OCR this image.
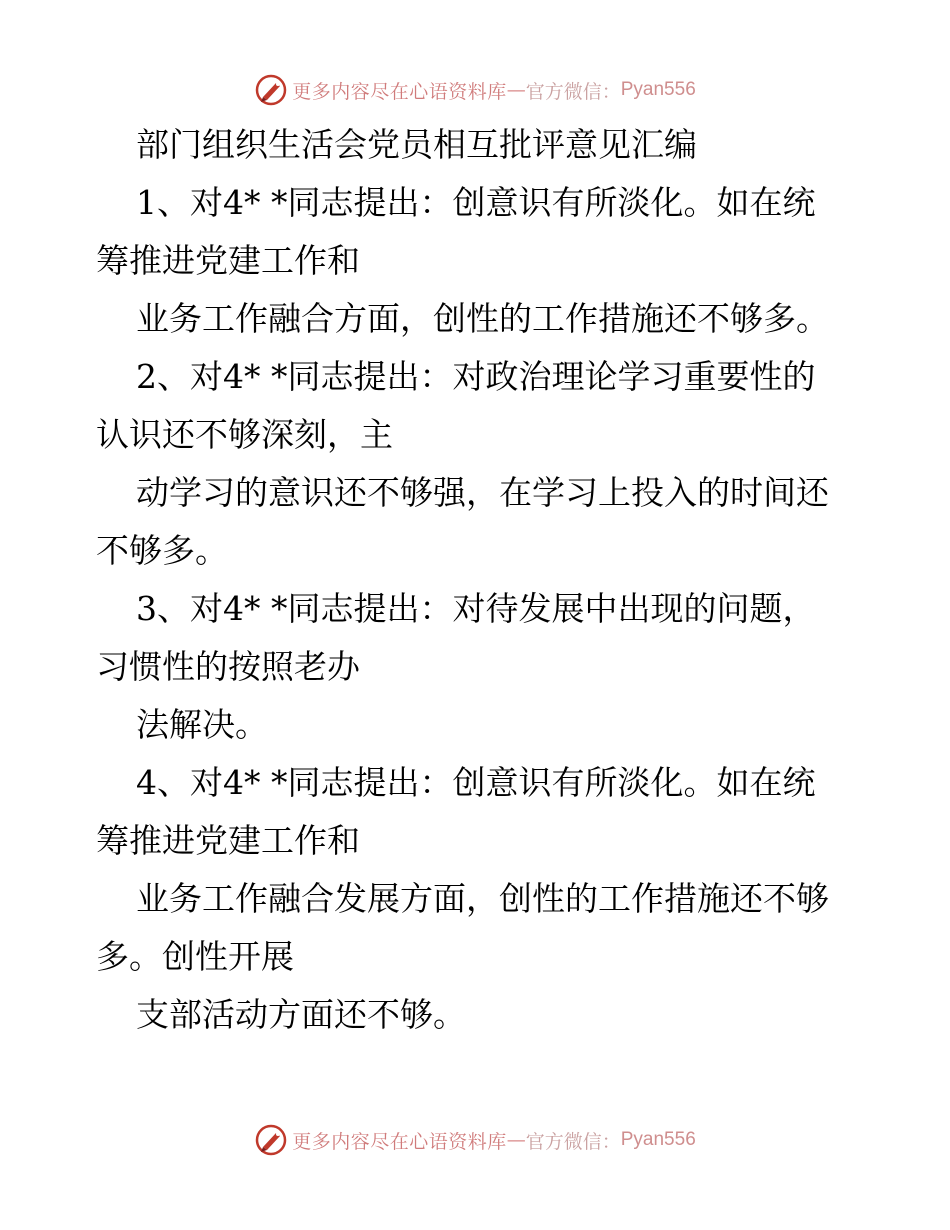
更多内容尽在心语资料库 — 官方微信： Pyan556
部门组织生活会党员相互批评意见汇编
1、对4* *同志提出：创意识有所淡化。如在统
筹推进党建工作和
业务工作融合方面，创性的工作措施还不够多。
2、对4* *同志提出：对政治理论学习重要性的
认识还不够深刻，主
动学习的意识还不够强，在学习上投入的时间还
不够多。
3、对4* *同志提出：对待发展中出现的问题，
习惯性的按照老办
法解决。
4、对4* *同志提出：创意识有所淡化。如在统
筹推进党建工作和
业务工作融合发展方面，创性的工作措施还不够
多。创性开展
支部活动方面还不够。
更多内容尽在心语资料库 — 官方微信： Pyan556
